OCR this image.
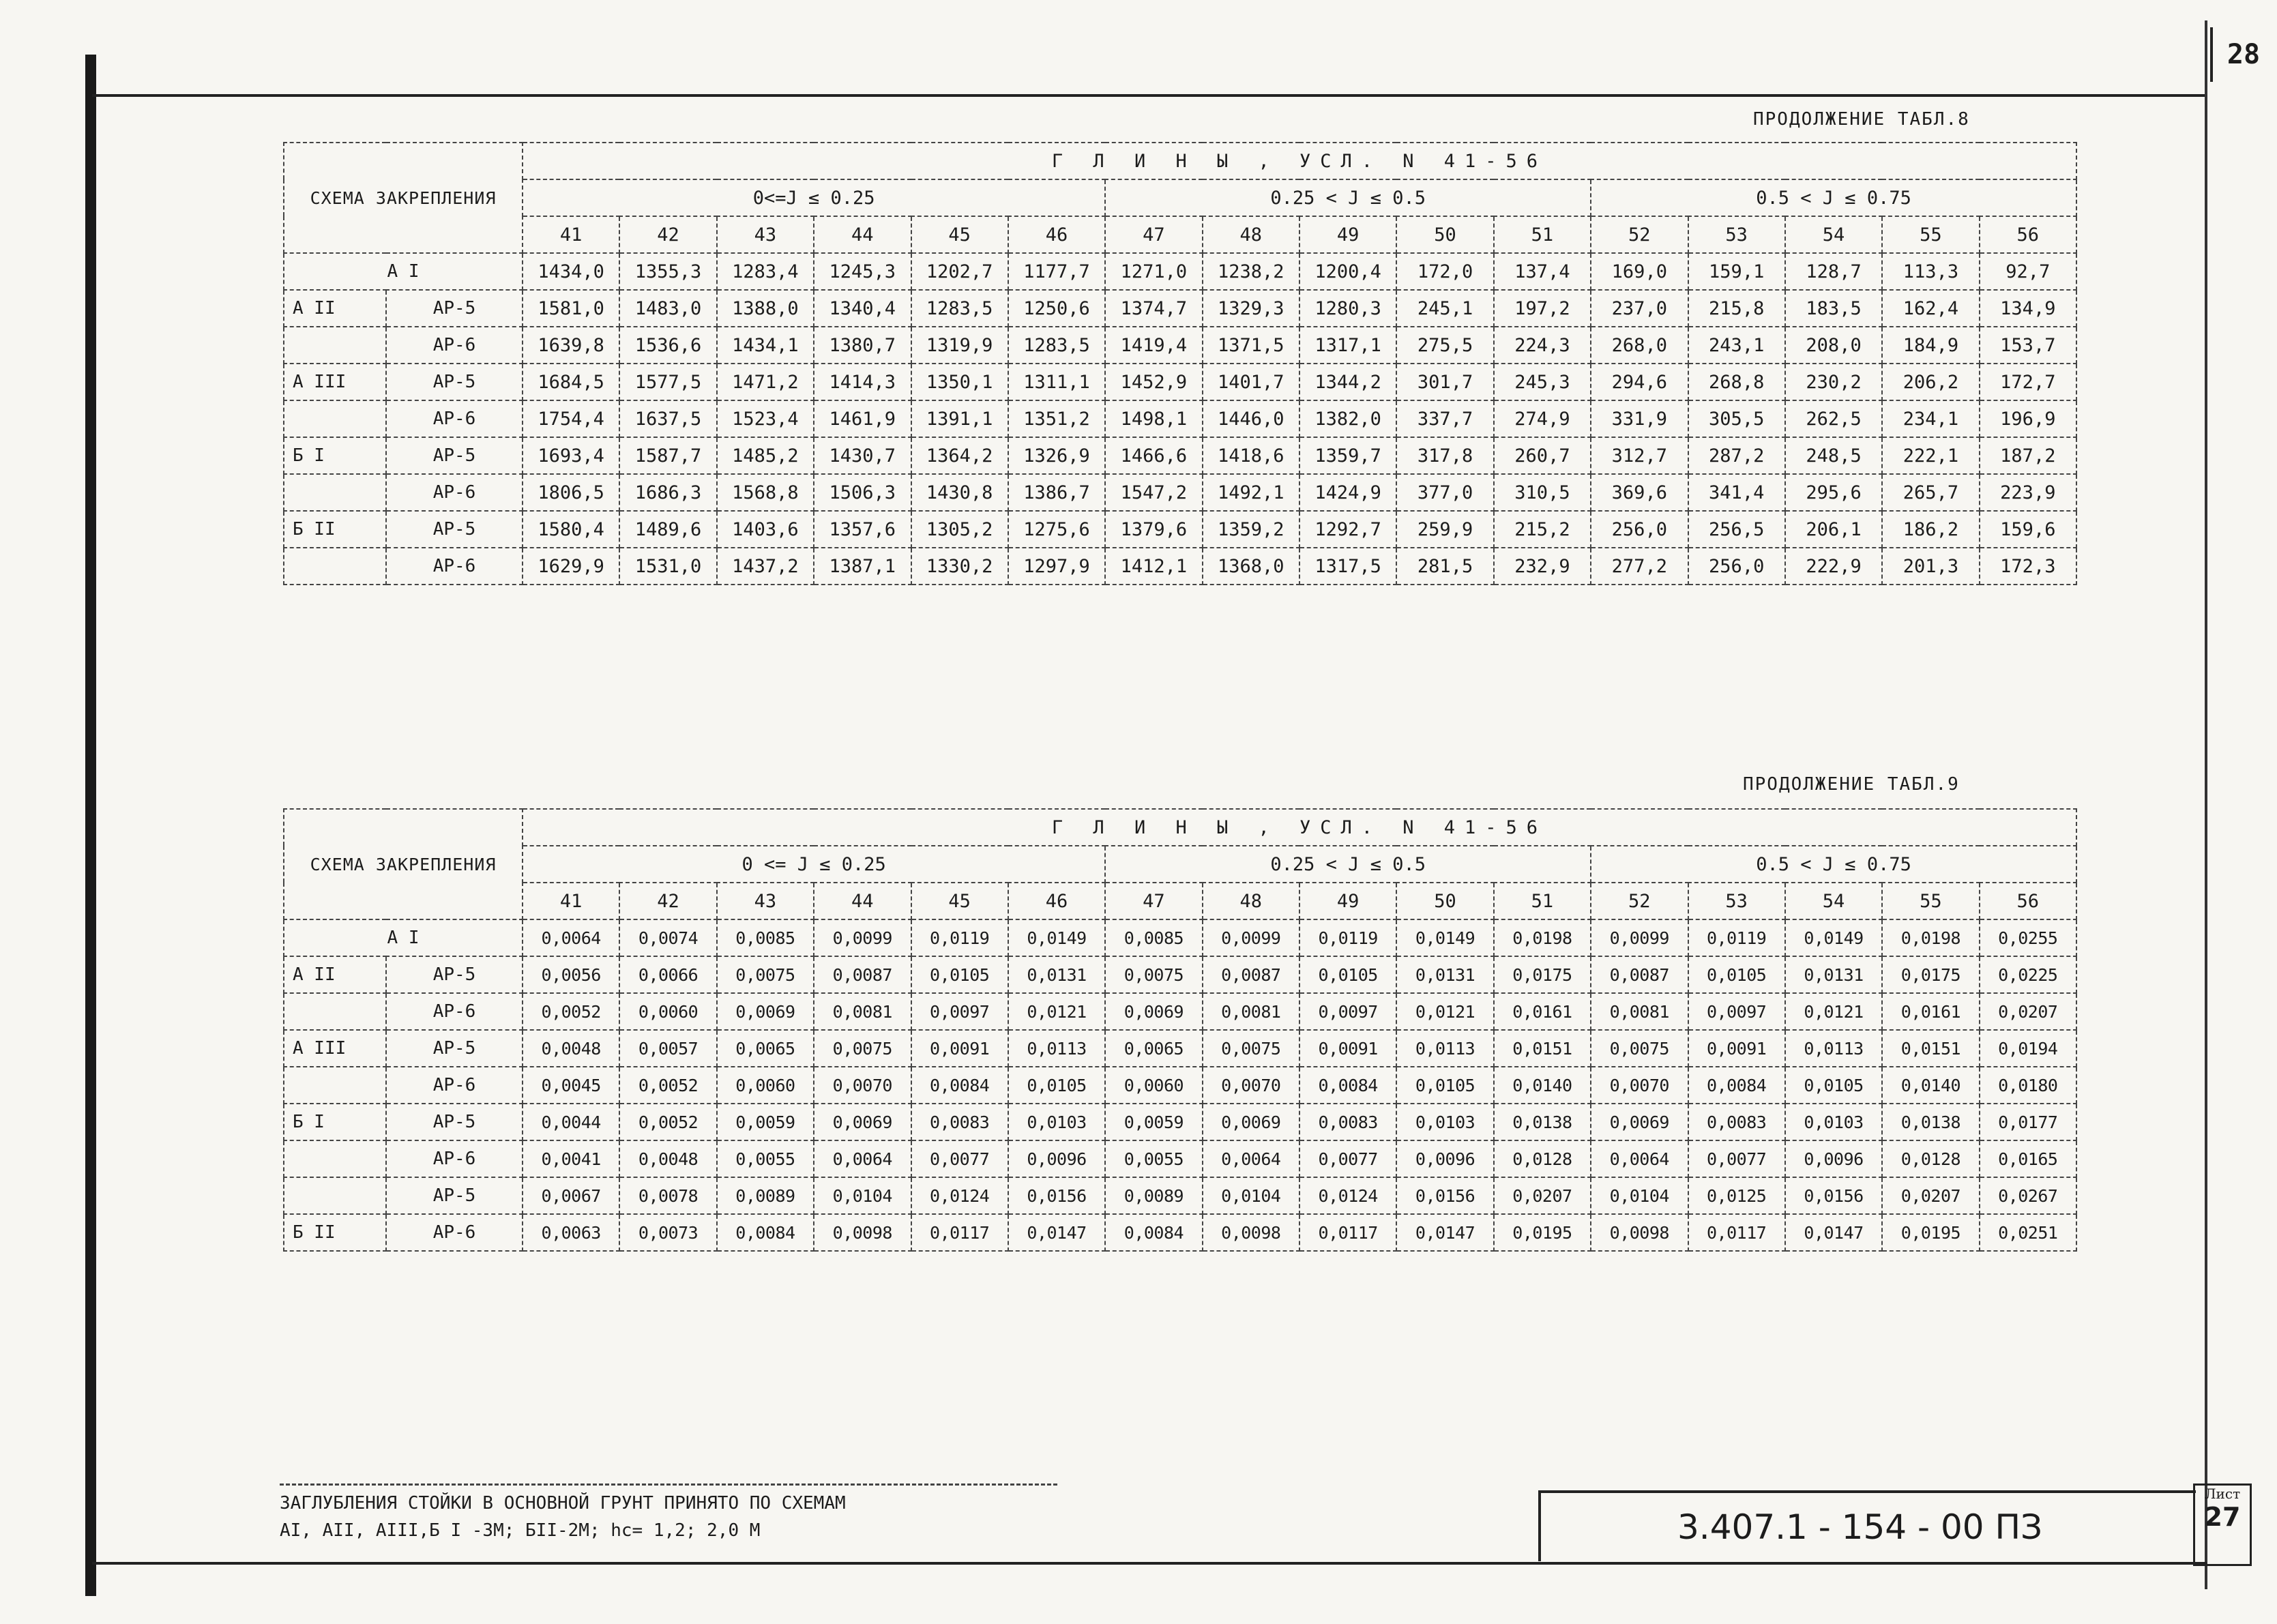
28
ПРОДОЛЖЕНИЕ ТАБЛ.8
СХЕМА ЗАКРЕПЛЕНИЯ		Г Л И Н Ы , УСЛ. N 41-56															
		0<=J ≤ 0.25						0.25 < J ≤ 0.5					0.5 < J ≤ 0.75				
		41	42	43	44	45	46	47	48	49	50	51	52	53	54	55	56
А I		1434,0	1355,3	1283,4	1245,3	1202,7	1177,7	1271,0	1238,2	1200,4	172,0	137,4	169,0	159,1	128,7	113,3	92,7
А II	АР-5	1581,0	1483,0	1388,0	1340,4	1283,5	1250,6	1374,7	1329,3	1280,3	245,1	197,2	237,0	215,8	183,5	162,4	134,9
	АР-6	1639,8	1536,6	1434,1	1380,7	1319,9	1283,5	1419,4	1371,5	1317,1	275,5	224,3	268,0	243,1	208,0	184,9	153,7
А III	АР-5	1684,5	1577,5	1471,2	1414,3	1350,1	1311,1	1452,9	1401,7	1344,2	301,7	245,3	294,6	268,8	230,2	206,2	172,7
	АР-6	1754,4	1637,5	1523,4	1461,9	1391,1	1351,2	1498,1	1446,0	1382,0	337,7	274,9	331,9	305,5	262,5	234,1	196,9
Б I	АР-5	1693,4	1587,7	1485,2	1430,7	1364,2	1326,9	1466,6	1418,6	1359,7	317,8	260,7	312,7	287,2	248,5	222,1	187,2
	АР-6	1806,5	1686,3	1568,8	1506,3	1430,8	1386,7	1547,2	1492,1	1424,9	377,0	310,5	369,6	341,4	295,6	265,7	223,9
Б II	АР-5	1580,4	1489,6	1403,6	1357,6	1305,2	1275,6	1379,6	1359,2	1292,7	259,9	215,2	256,0	256,5	206,1	186,2	159,6
	АР-6	1629,9	1531,0	1437,2	1387,1	1330,2	1297,9	1412,1	1368,0	1317,5	281,5	232,9	277,2	256,0	222,9	201,3	172,3
ПРОДОЛЖЕНИЕ ТАБЛ.9
СХЕМА ЗАКРЕПЛЕНИЯ		Г Л И Н Ы , УСЛ. N 41-56															
		0 <= J ≤ 0.25						0.25 < J ≤ 0.5					0.5 < J ≤ 0.75				
		41	42	43	44	45	46	47	48	49	50	51	52	53	54	55	56
А I		0,0064	0,0074	0,0085	0,0099	0,0119	0,0149	0,0085	0,0099	0,0119	0,0149	0,0198	0,0099	0,0119	0,0149	0,0198	0,0255
А II	АР-5	0,0056	0,0066	0,0075	0,0087	0,0105	0,0131	0,0075	0,0087	0,0105	0,0131	0,0175	0,0087	0,0105	0,0131	0,0175	0,0225
	АР-6	0,0052	0,0060	0,0069	0,0081	0,0097	0,0121	0,0069	0,0081	0,0097	0,0121	0,0161	0,0081	0,0097	0,0121	0,0161	0,0207
А III	АР-5	0,0048	0,0057	0,0065	0,0075	0,0091	0,0113	0,0065	0,0075	0,0091	0,0113	0,0151	0,0075	0,0091	0,0113	0,0151	0,0194
	АР-6	0,0045	0,0052	0,0060	0,0070	0,0084	0,0105	0,0060	0,0070	0,0084	0,0105	0,0140	0,0070	0,0084	0,0105	0,0140	0,0180
Б I	АР-5	0,0044	0,0052	0,0059	0,0069	0,0083	0,0103	0,0059	0,0069	0,0083	0,0103	0,0138	0,0069	0,0083	0,0103	0,0138	0,0177
	АР-6	0,0041	0,0048	0,0055	0,0064	0,0077	0,0096	0,0055	0,0064	0,0077	0,0096	0,0128	0,0064	0,0077	0,0096	0,0128	0,0165
	АР-5	0,0067	0,0078	0,0089	0,0104	0,0124	0,0156	0,0089	0,0104	0,0124	0,0156	0,0207	0,0104	0,0125	0,0156	0,0207	0,0267
Б II	АР-6	0,0063	0,0073	0,0084	0,0098	0,0117	0,0147	0,0084	0,0098	0,0117	0,0147	0,0195	0,0098	0,0117	0,0147	0,0195	0,0251
ЗАГЛУБЛЕНИЯ СТОЙКИ В ОСНОВНОЙ ГРУНТ ПРИНЯТО ПО СХЕМАМ
АI, АII, АIII,Б I -3М; БII-2М; hc= 1,2; 2,0 М	3.407.1 - 154 - 00 ПЗ
Лист
27
